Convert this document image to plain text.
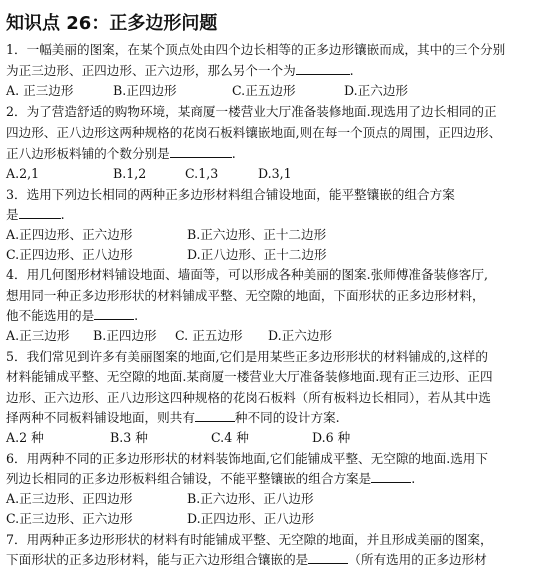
知识点 26：正多边形问题
1．一幅美丽的图案，在某个顶点处由四个边长相等的正多边形镶嵌而成，其中的三个分别
为正三边形、正四边形、正六边形，那么另个一个为	.
A. 正三边形	B.正四边形	C.正五边形	D.正六边形
2．为了营造舒适的购物环境，某商厦一楼营业大厅准备装修地面.现选用了边长相同的正
四边形、正八边形这两种规格的花岗石板料镶嵌地面,则在每一个顶点的周围，正四边形、
正八边形板料铺的个数分别是	.
A.2,1	B.1,2	C.1,3	D.3,1
3．选用下列边长相同的两种正多边形材料组合铺设地面，能平整镶嵌的组合方案
是	.
A.正四边形、正六边形	B.正六边形、正十二边形
C.正四边形、正八边形	D.正八边形、正十二边形
4．用几何图形材料铺设地面、墙面等，可以形成各种美丽的图案.张师傅准备装修客厅,
想用同一种正多边形形状的材料铺成平整、无空隙的地面，下面形状的正多边形材料，
他不能选用的是	.
A.正三边形 B.正四边形 C. 正五边形 D.正六边形
5．我们常见到许多有美丽图案的地面,它们是用某些正多边形形状的材料铺成的,这样的
材料能铺成平整、无空隙的地面.某商厦一楼营业大厅准备装修地面.现有正三边形、正四
边形、正六边形、正八边形这四种规格的花岗石板料（所有板料边长相同），若从其中选
择两种不同板料铺设地面，则共有	种不同的设计方案.
A.2 种	B.3 种	C.4 种	D.6 种
6．用两种不同的正多边形形状的材料装饰地面,它们能铺成平整、无空隙的地面.选用下
列边长相同的正多边形板料组合铺设，不能平整镶嵌的组合方案是	.
A.正三边形、正四边形	B.正六边形、正八边形
C.正三边形、正六边形	D.正四边形、正八边形
7．用两种正多边形形状的材料有时能铺成平整、无空隙的地面，并且形成美丽的图案，
下面形状的正多边形材料，能与正六边形组合镶嵌的是	（所有选用的正多边形材
